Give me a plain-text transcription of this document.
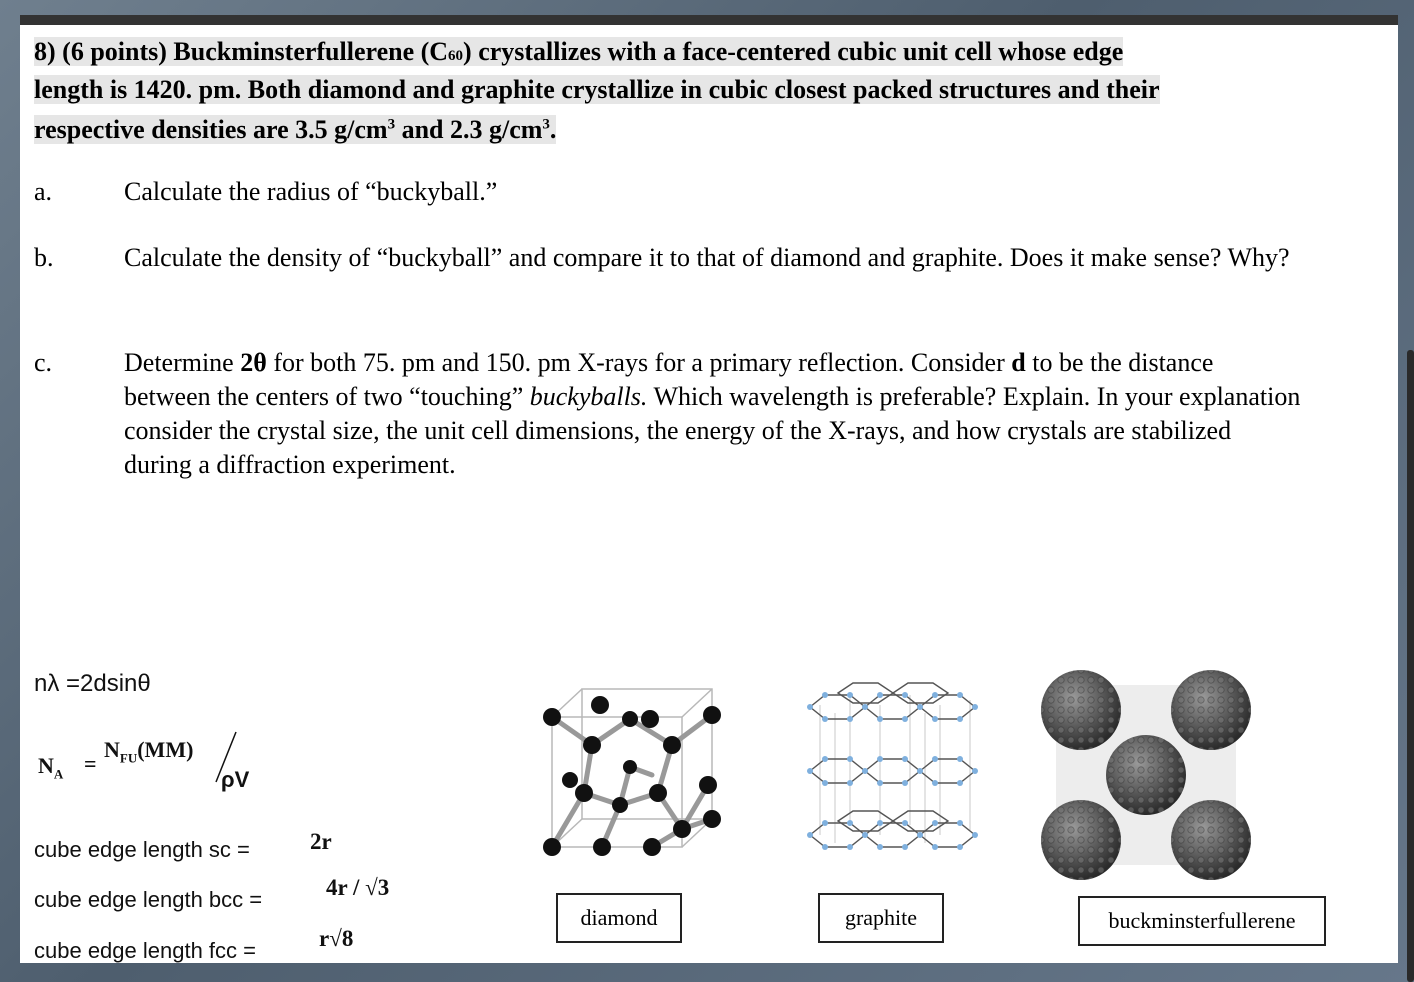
8) (6 points) Buckminsterfullerene (C60) crystallizes with a face-centered cubic unit cell whose edge
length is 1420. pm. Both diamond and graphite crystallize in cubic closest packed structures and their
respective densities are 3.5 $g/cm^3$ and 2.3 $g/cm^3$.
a.	Calculate the radius of “buckyball.”
b.	Calculate the density of “buckyball” and compare it to that of diamond and graphite. Does it make sense? Why?
c.	Determine 2θ for both 75. pm and 150. pm X-rays for a primary reflection. Consider d to be the distance between the centers of two “touching” buckyballs. Which wavelength is preferable? Explain. In your explanation consider the crystal size, the unit cell dimensions, the energy of the X-rays, and how crystals are stabilized during a diffraction experiment.
nλ =2dsinθ
$N_A$ =
$N_{FU}(MM)$
ρV
cube edge length sc =	2r
cube edge length bcc =	4r / √3
cube edge length fcc =	r√8
diamond	graphite	buckminsterfullerene
